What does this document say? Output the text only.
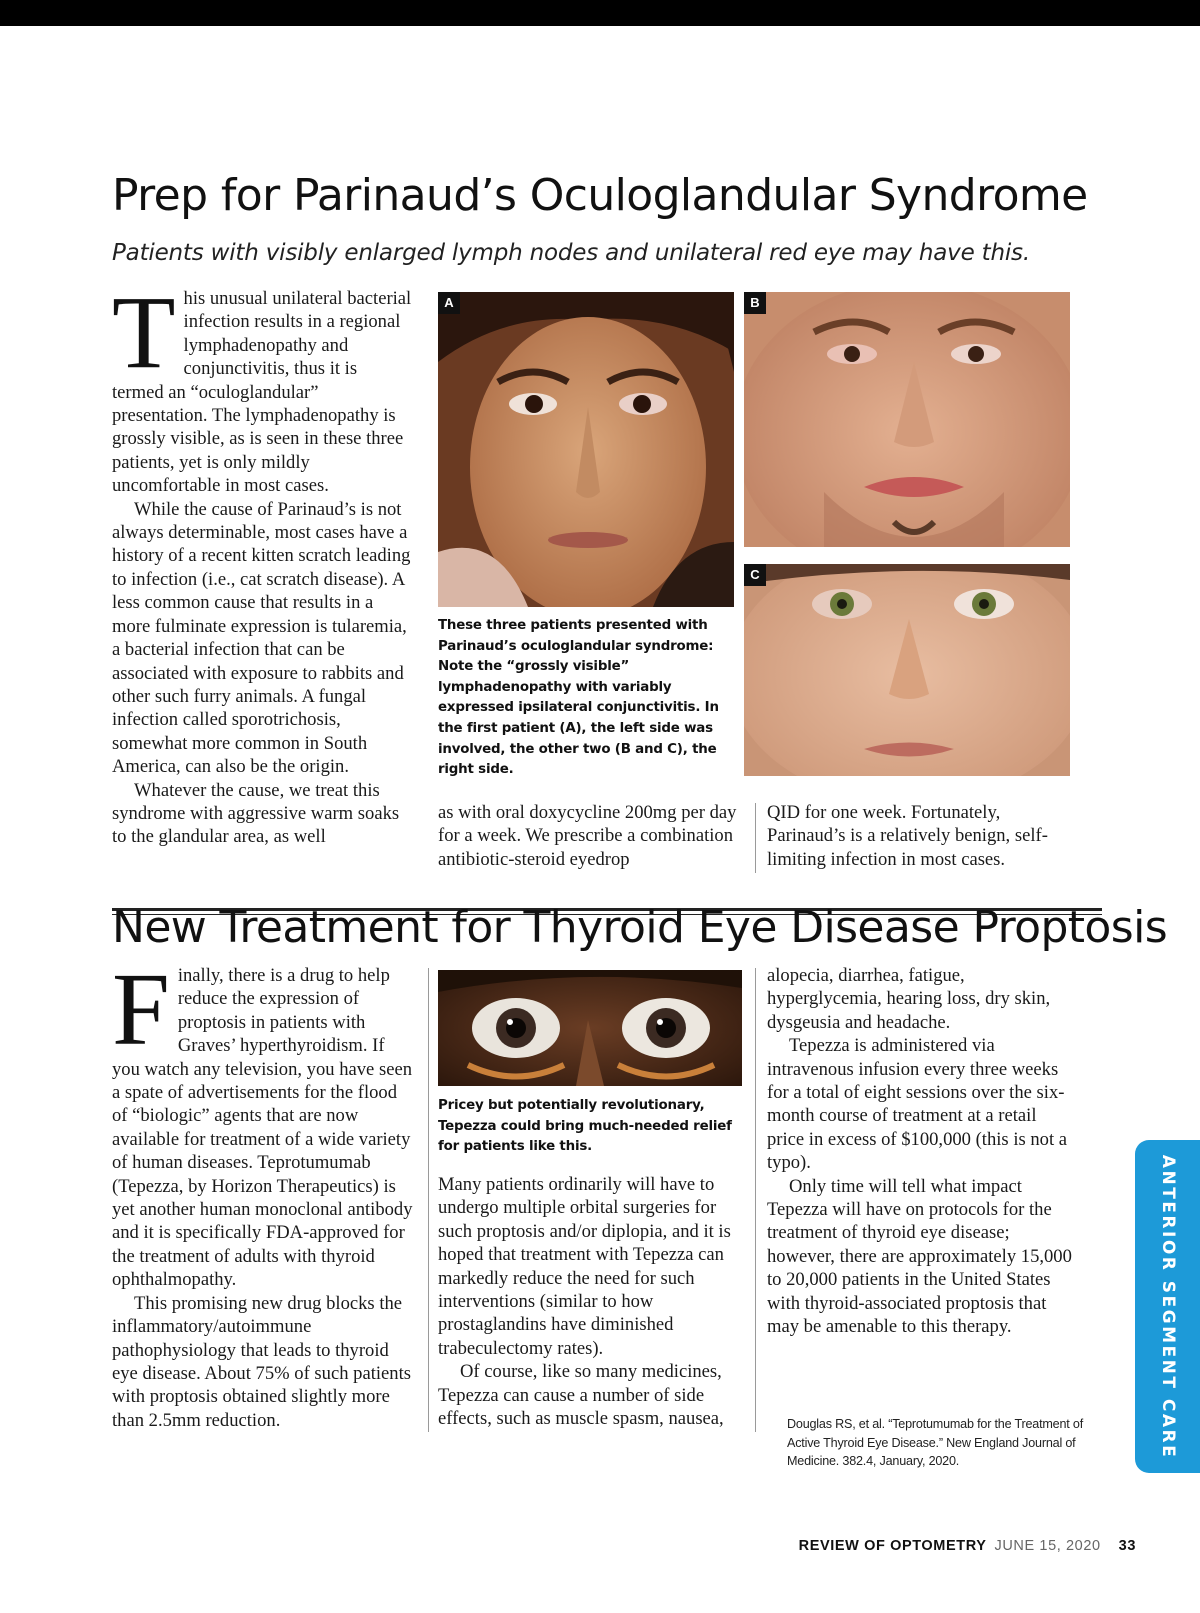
Prep for Parinaud’s Oculoglandular Syndrome
Patients with visibly enlarged lymph nodes and unilateral red eye may have this.

This unusual unilateral bacterial infection results in a regional lymphadenopathy and conjunctivitis, thus it is termed an “oculoglandular” presentation. The lymphadenopathy is grossly visible, as is seen in these three patients, yet is only mildly uncomfortable in most cases.

While the cause of Parinaud’s is not always determinable, most cases have a history of a recent kitten scratch leading to infection (i.e., cat scratch disease). A less common cause that results in a more fulminate expression is tularemia, a bacterial infection that can be associated with exposure to rabbits and other such furry animals. A fungal infection called sporotrichosis, somewhat more common in South America, can also be the origin.

Whatever the cause, we treat this syndrome with aggressive warm soaks to the glandular area, as well

A	B
C
These three patients presented with Parinaud’s oculoglandular syndrome: Note the “grossly visible” lymphadenopathy with variably expressed ipsilateral conjunctivitis. In the first patient (A), the left side was involved, the other two (B and C), the right side.

as with oral doxycycline 200mg per day for a week. We prescribe a combination antibiotic-steroid eyedrop

QID for one week. Fortunately, Parinaud’s is a relatively benign, self-limiting infection in most cases.

New Treatment for Thyroid Eye Disease Proptosis

Finally, there is a drug to help reduce the expression of proptosis in patients with Graves’ hyperthyroidism. If you watch any television, you have seen a spate of advertisements for the flood of “biologic” agents that are now available for treatment of a wide variety of human diseases. Teprotumumab (Tepezza, by Horizon Therapeutics) is yet another human monoclonal antibody and it is specifically FDA-approved for the treatment of adults with thyroid ophthalmopathy.

This promising new drug blocks the inflammatory/autoimmune pathophysiology that leads to thyroid eye disease. About 75% of such patients with proptosis obtained slightly more than 2.5mm reduction.

Pricey but potentially revolutionary, Tepezza could bring much-needed relief for patients like this.

Many patients ordinarily will have to undergo multiple orbital surgeries for such proptosis and/or diplopia, and it is hoped that treatment with Tepezza can markedly reduce the need for such interventions (similar to how prostaglandins have diminished trabeculectomy rates).

Of course, like so many medicines, Tepezza can cause a number of side effects, such as muscle spasm, nausea,

alopecia, diarrhea, fatigue, hyperglycemia, hearing loss, dry skin, dysgeusia and headache.

Tepezza is administered via intravenous infusion every three weeks for a total of eight sessions over the six-month course of treatment at a retail price in excess of $100,000 (this is not a typo).

Only time will tell what impact Tepezza will have on protocols for the treatment of thyroid eye disease; however, there are approximately 15,000 to 20,000 patients in the United States with thyroid-associated proptosis that may be amenable to this therapy.

Douglas RS, et al. “Teprotumumab for the Treatment of Active Thyroid Eye Disease.” New England Journal of Medicine. 382.4, January, 2020.
ANTERIOR SEGMENT CARE
REVIEW OF OPTOMETRY JUNE 15, 2020 33
